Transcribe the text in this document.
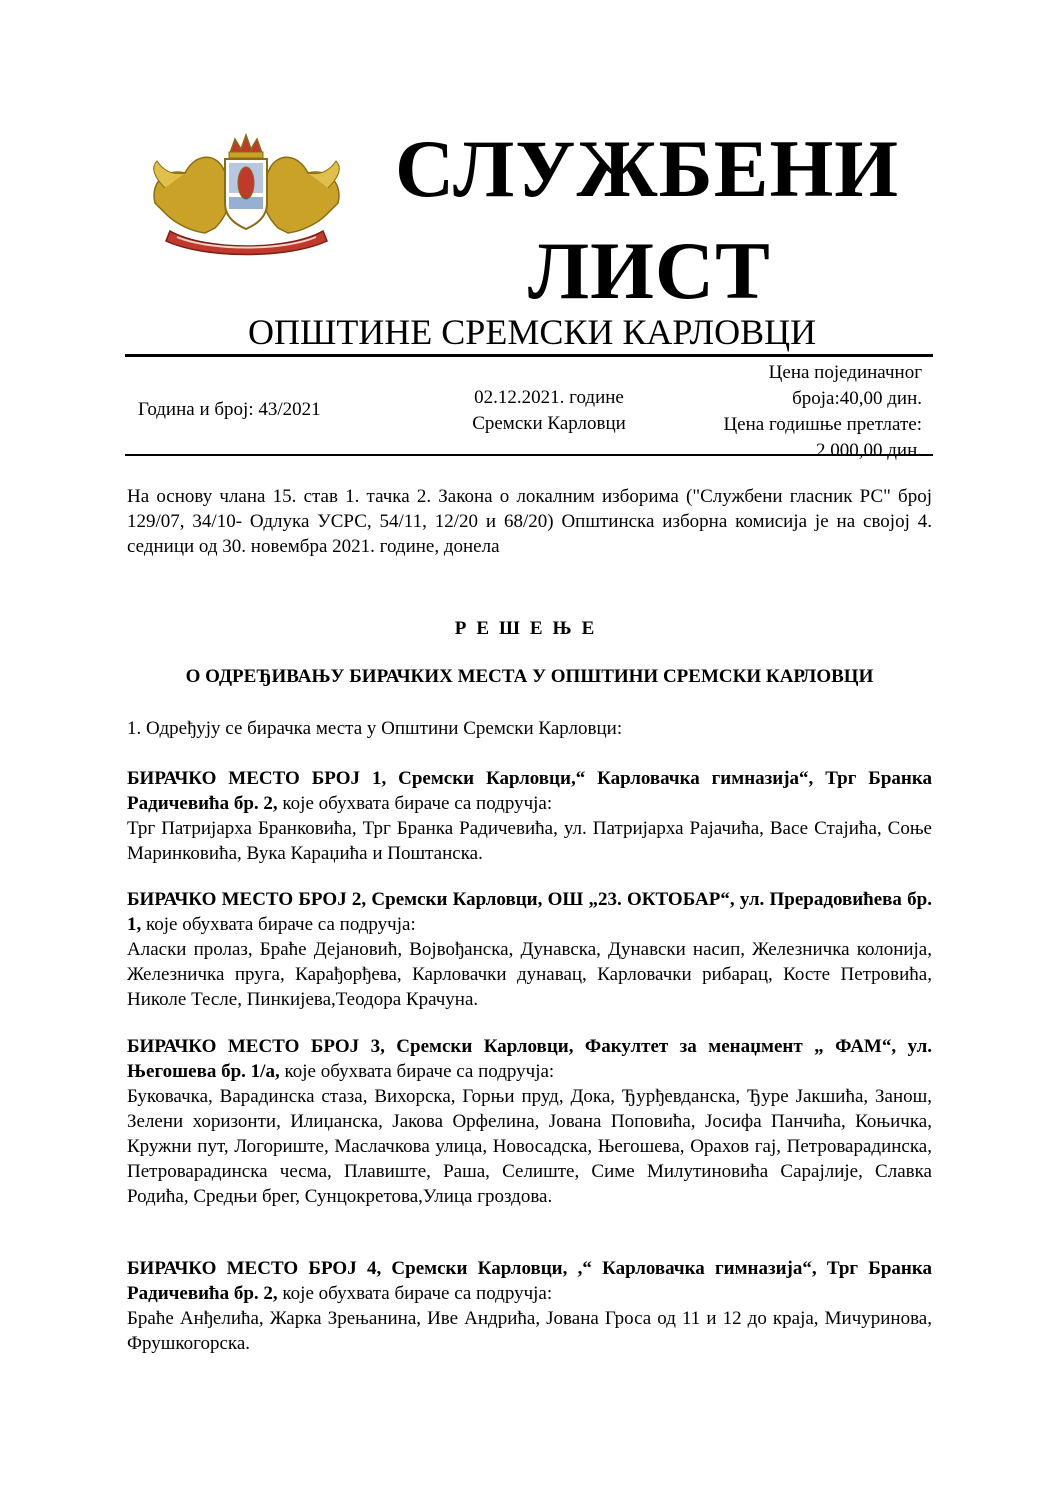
СЛУЖБЕНИ
ЛИСТ
ОПШТИНЕ СРЕМСКИ КАРЛОВЦИ
Година и број: 43/2021
02.12.2021. године
Сремски Карловци
Цена појединачног
броја:40,00 дин.
Цена годишње претлате:
2.000,00 дин.
На основу члана 15. став 1. тачка 2. Закона о локалним изборима ("Службени гласник РС" број 129/07, 34/10- Одлука УСРС, 54/11, 12/20 и 68/20) Општинска изборна комисија је на својој 4. седници од 30. новембра 2021. године, донела
РЕШЕЊЕ
О ОДРЕЂИВАЊУ БИРАЧКИХ МЕСТА У ОПШТИНИ СРЕМСКИ КАРЛОВЦИ
1. Одређују се бирачка места у Општини Сремски Карловци:
БИРАЧКО МЕСТО БРОЈ 1, Сремски Карловци,“ Карловачка гимназија“, Трг Бранка Радичевића бр. 2, које обухвата бираче са подручја:
Трг Патријарха Бранковића, Трг Бранка Радичевића, ул. Патријарха Рајачића, Васе Стајића, Соње Маринковића, Вука Караџића и Поштанска.
БИРАЧКО МЕСТО БРОЈ 2, Сремски Карловци, ОШ „23. ОКТОБАР“, ул. Прерадовићева бр. 1, које обухвата бираче са подручја:
Аласки пролаз, Браће Дејановић, Војвођанска, Дунавска, Дунавски насип, Железничка колонија, Железничка пруга, Карађорђева, Карловачки дунавац, Карловачки рибарац, Косте Петровића, Николе Тесле, Пинкијева,Теодора Крачуна.
БИРАЧКО МЕСТО БРОЈ 3, Сремски Карловци, Факултет за менаџмент „ ФАМ“, ул. Његошева бр. 1/а, које обухвата бираче са подручја:
Буковачка, Варадинска стаза, Вихорска, Горњи пруд, Дока, Ђурђевданска, Ђуре Јакшића, Занош, Зелени хоризонти, Илиџанска, Јакова Орфелина, Јована Поповића, Јосифа Панчића, Коњичка, Кружни пут, Логориште, Маслачкова улица, Новосадска, Његошева, Орахов гај, Петроварадинска, Петроварадинска чесма, Плавиште, Раша, Селиште, Симе Милутиновића Сарајлије, Славка Родића, Средњи брег, Сунцокретова,Улица гроздова.
БИРАЧКО МЕСТО БРОЈ 4, Сремски Карловци, ,“ Карловачка гимназија“, Трг Бранка Радичевића бр. 2, које обухвата бираче са подручја:
Браће Анђелића, Жарка Зрењанина, Иве Андрића, Јована Гроса од 11 и 12 до краја, Мичуринова, Фрушкогорска.
